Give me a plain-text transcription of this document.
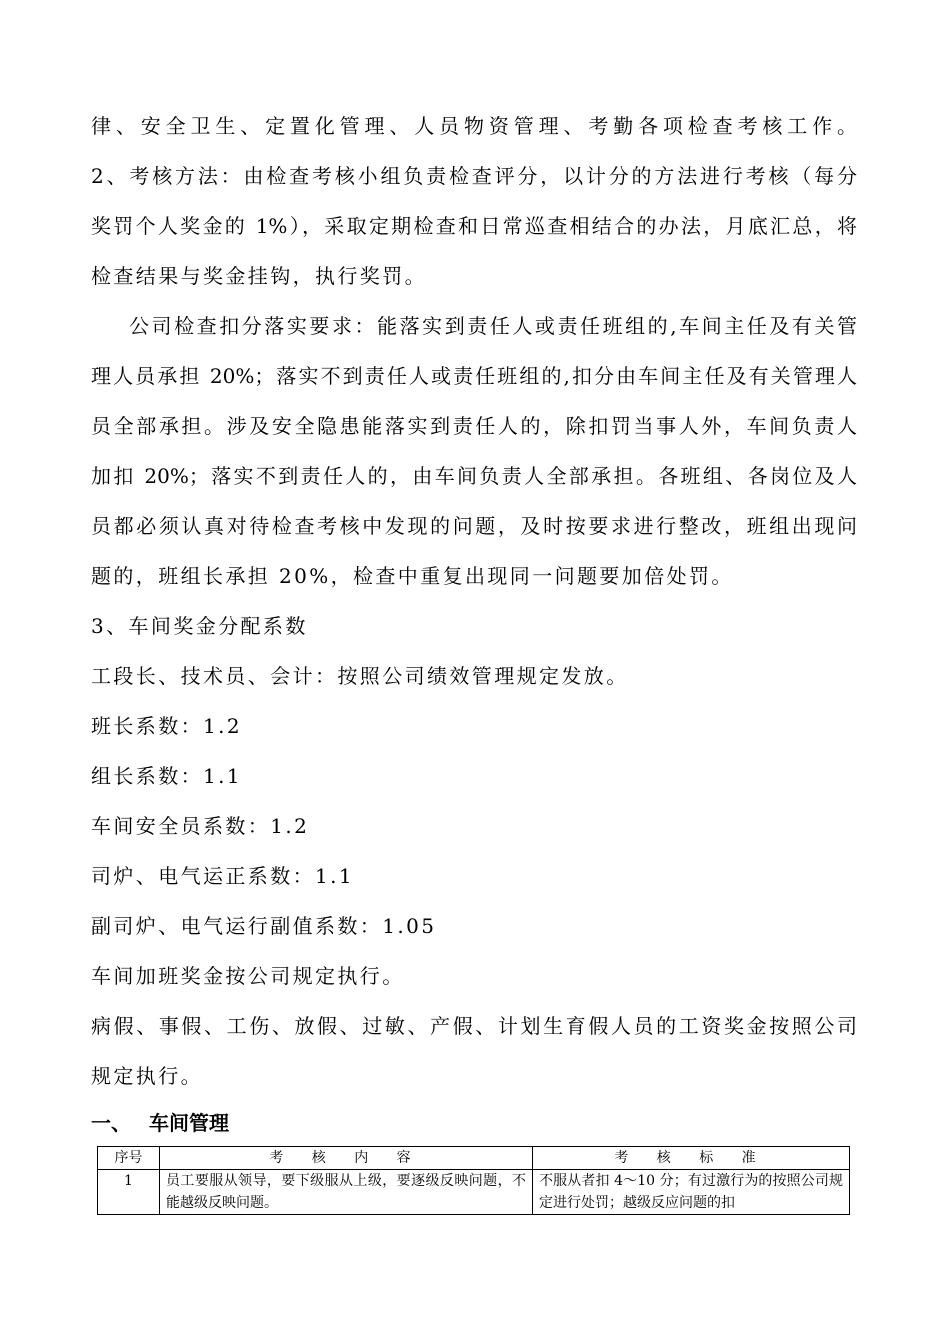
律、安全卫生、定置化管理、人员物资管理、考勤各项检查考核工作。
2、考核方法：由检查考核小组负责检查评分，以计分的方法进行考核（每分
奖罚个人奖金的 1%），采取定期检查和日常巡查相结合的办法，月底汇总，将
检查结果与奖金挂钩，执行奖罚。
公司检查扣分落实要求：能落实到责任人或责任班组的,车间主任及有关管
理人员承担 20%；落实不到责任人或责任班组的,扣分由车间主任及有关管理人
员全部承担。涉及安全隐患能落实到责任人的，除扣罚当事人外，车间负责人
加扣 20%；落实不到责任人的，由车间负责人全部承担。各班组、各岗位及人
员都必须认真对待检查考核中发现的问题，及时按要求进行整改，班组出现问
题的，班组长承担 20%，检查中重复出现同一问题要加倍处罚。
3、车间奖金分配系数
工段长、技术员、会计：按照公司绩效管理规定发放。
班长系数：1.2
组长系数：1.1
车间安全员系数：1.2
司炉、电气运正系数：1.1
副司炉、电气运行副值系数：1.05
车间加班奖金按公司规定执行。
病假、事假、工伤、放假、过敏、产假、计划生育假人员的工资奖金按照公司
规定执行。
一、 车间管理
序号	考 核 内 容	考 核 标 准
1	员工要服从领导，要下级服从上级，要逐级反映问题，不能越级反映问题。	不服从者扣 4～10 分；有过激行为的按照公司规定进行处罚；越级反应问题的扣
